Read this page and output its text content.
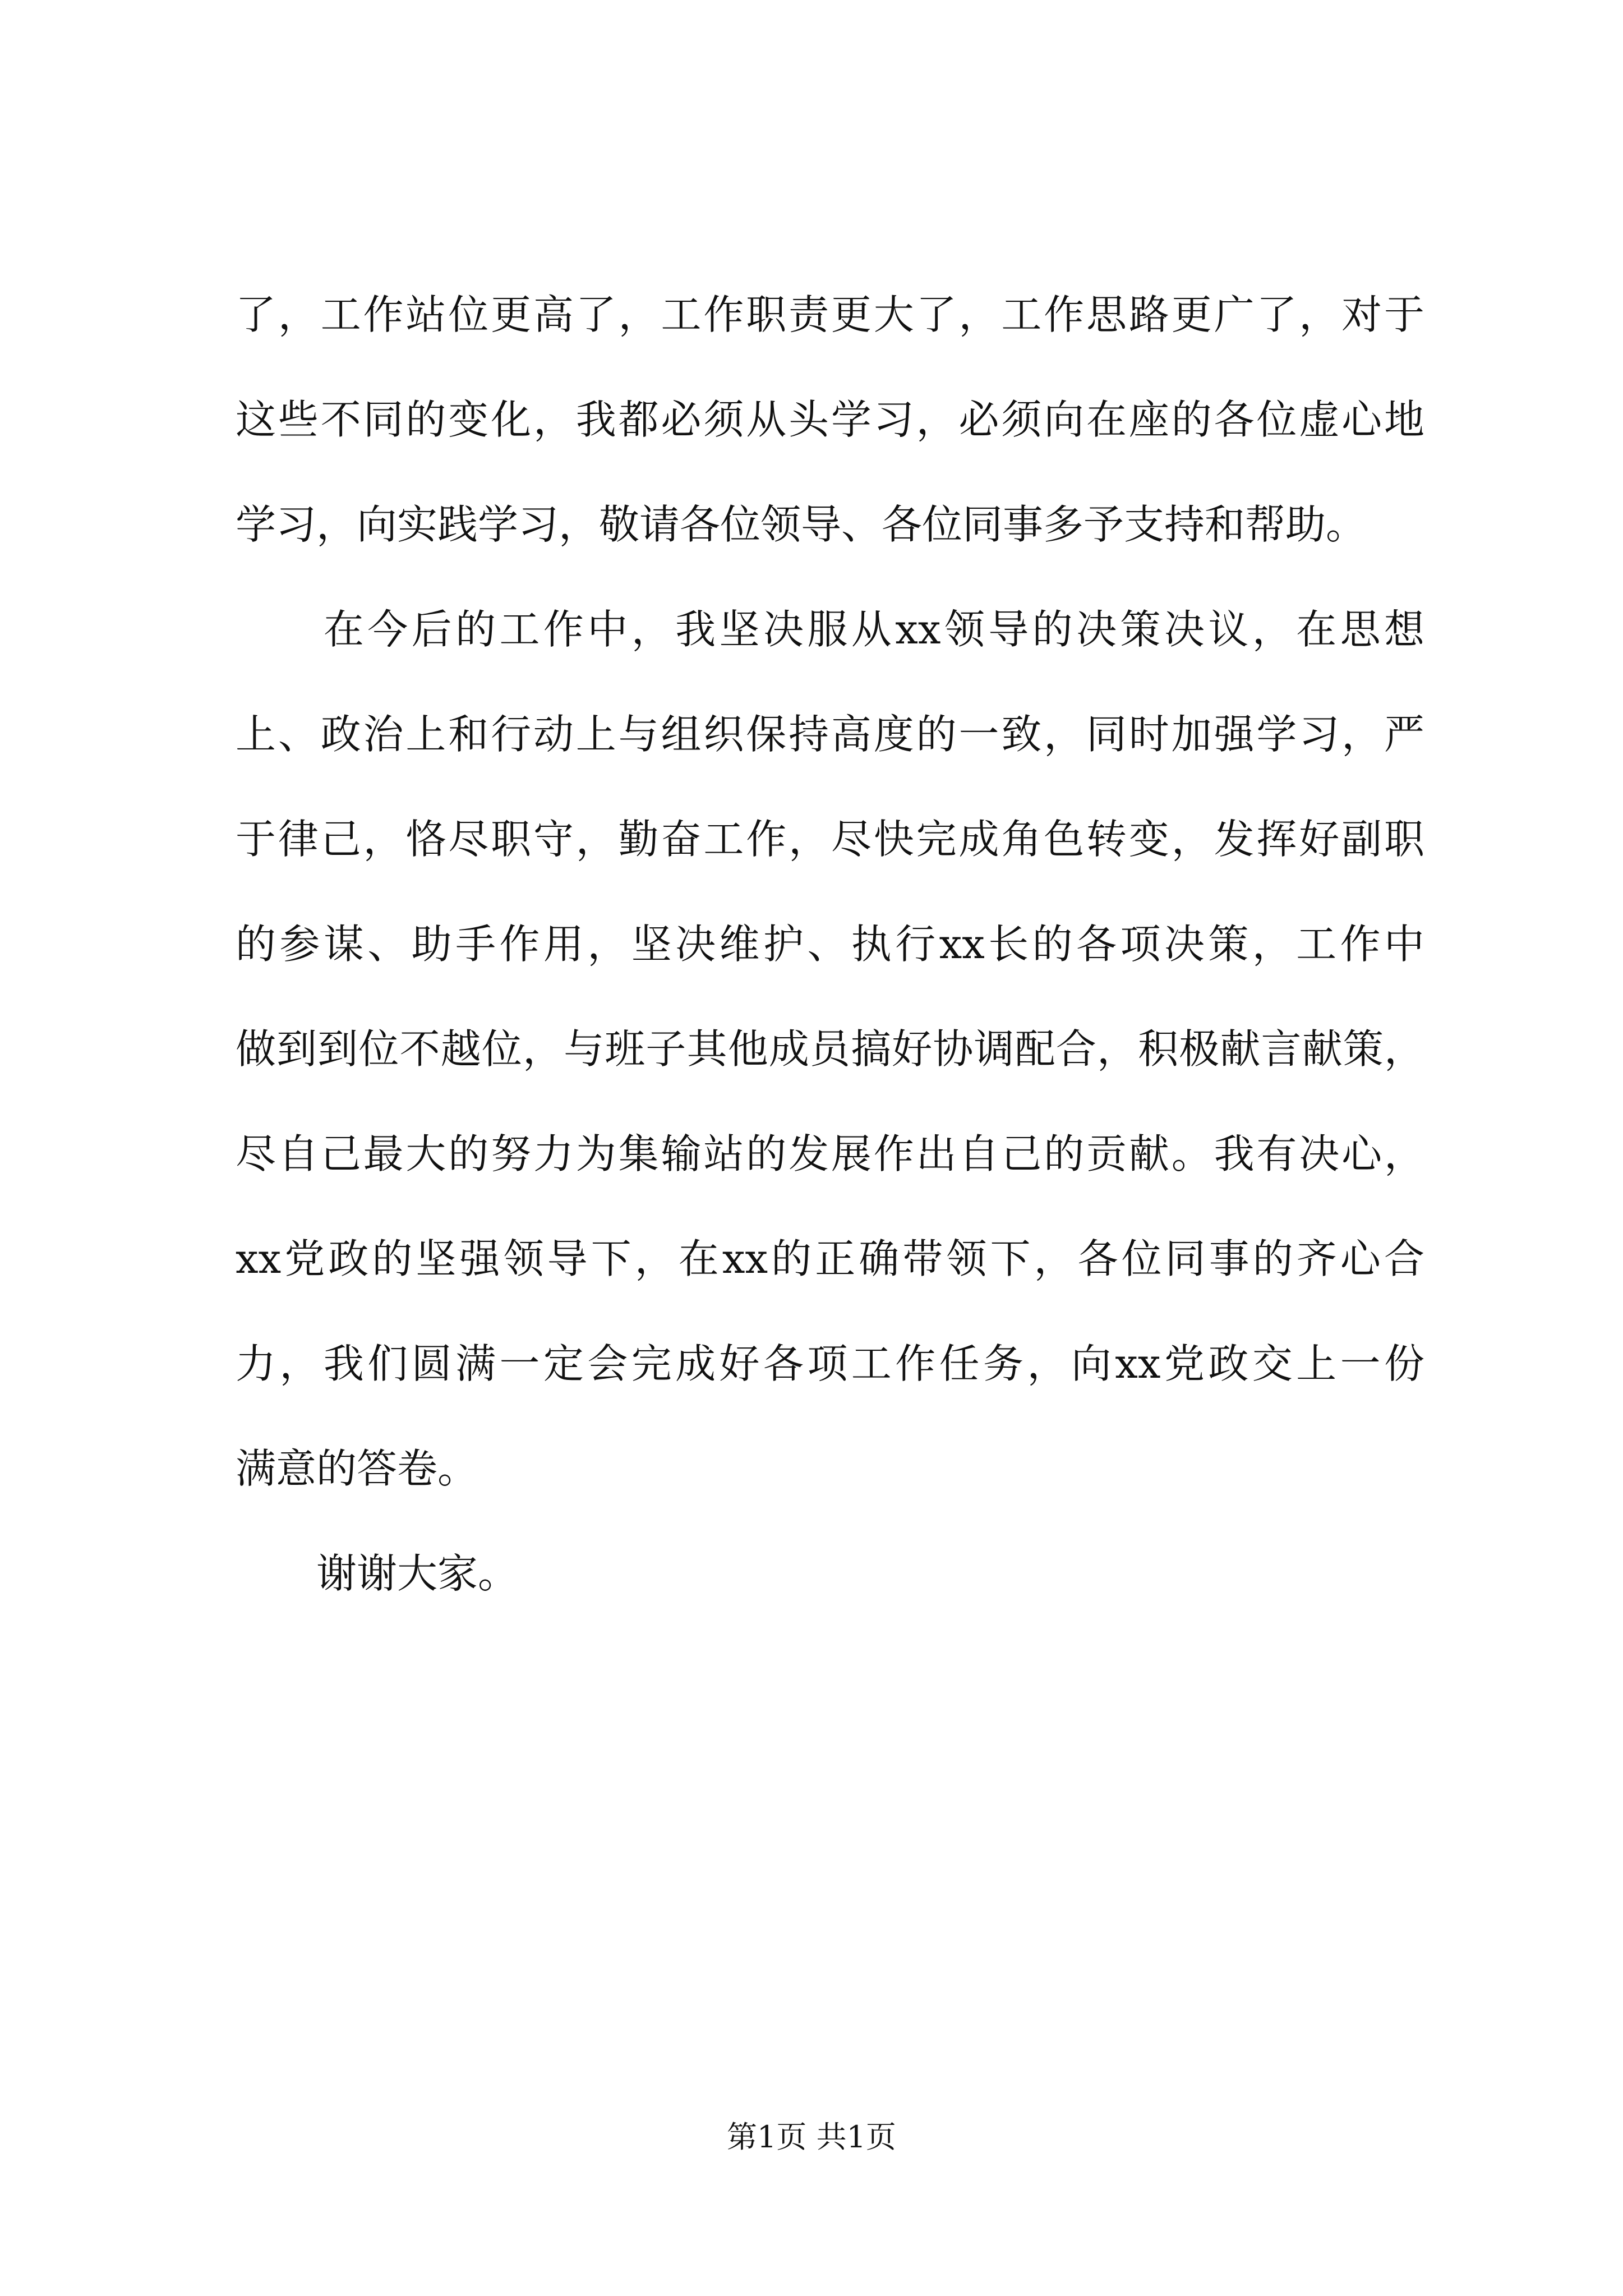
了，工作站位更高了，工作职责更大了，工作思路更广了，对于
这些不同的变化，我都必须从头学习，必须向在座的各位虚心地
学习，向实践学习，敬请各位领导、各位同事多予支持和帮助。
　　在今后的工作中，我坚决服从xx领导的决策决议，在思想
上、政治上和行动上与组织保持高度的一致，同时加强学习，严
于律己，恪尽职守，勤奋工作，尽快完成角色转变，发挥好副职
的参谋、助手作用，坚决维护、执行xx长的各项决策，工作中
做到到位不越位，与班子其他成员搞好协调配合，积极献言献策，
尽自己最大的努力为集输站的发展作出自己的贡献。我有决心，
xx党政的坚强领导下，在xx的正确带领下，各位同事的齐心合
力，我们圆满一定会完成好各项工作任务，向xx党政交上一份
满意的答卷。
　　谢谢大家。
第1页 共1页
